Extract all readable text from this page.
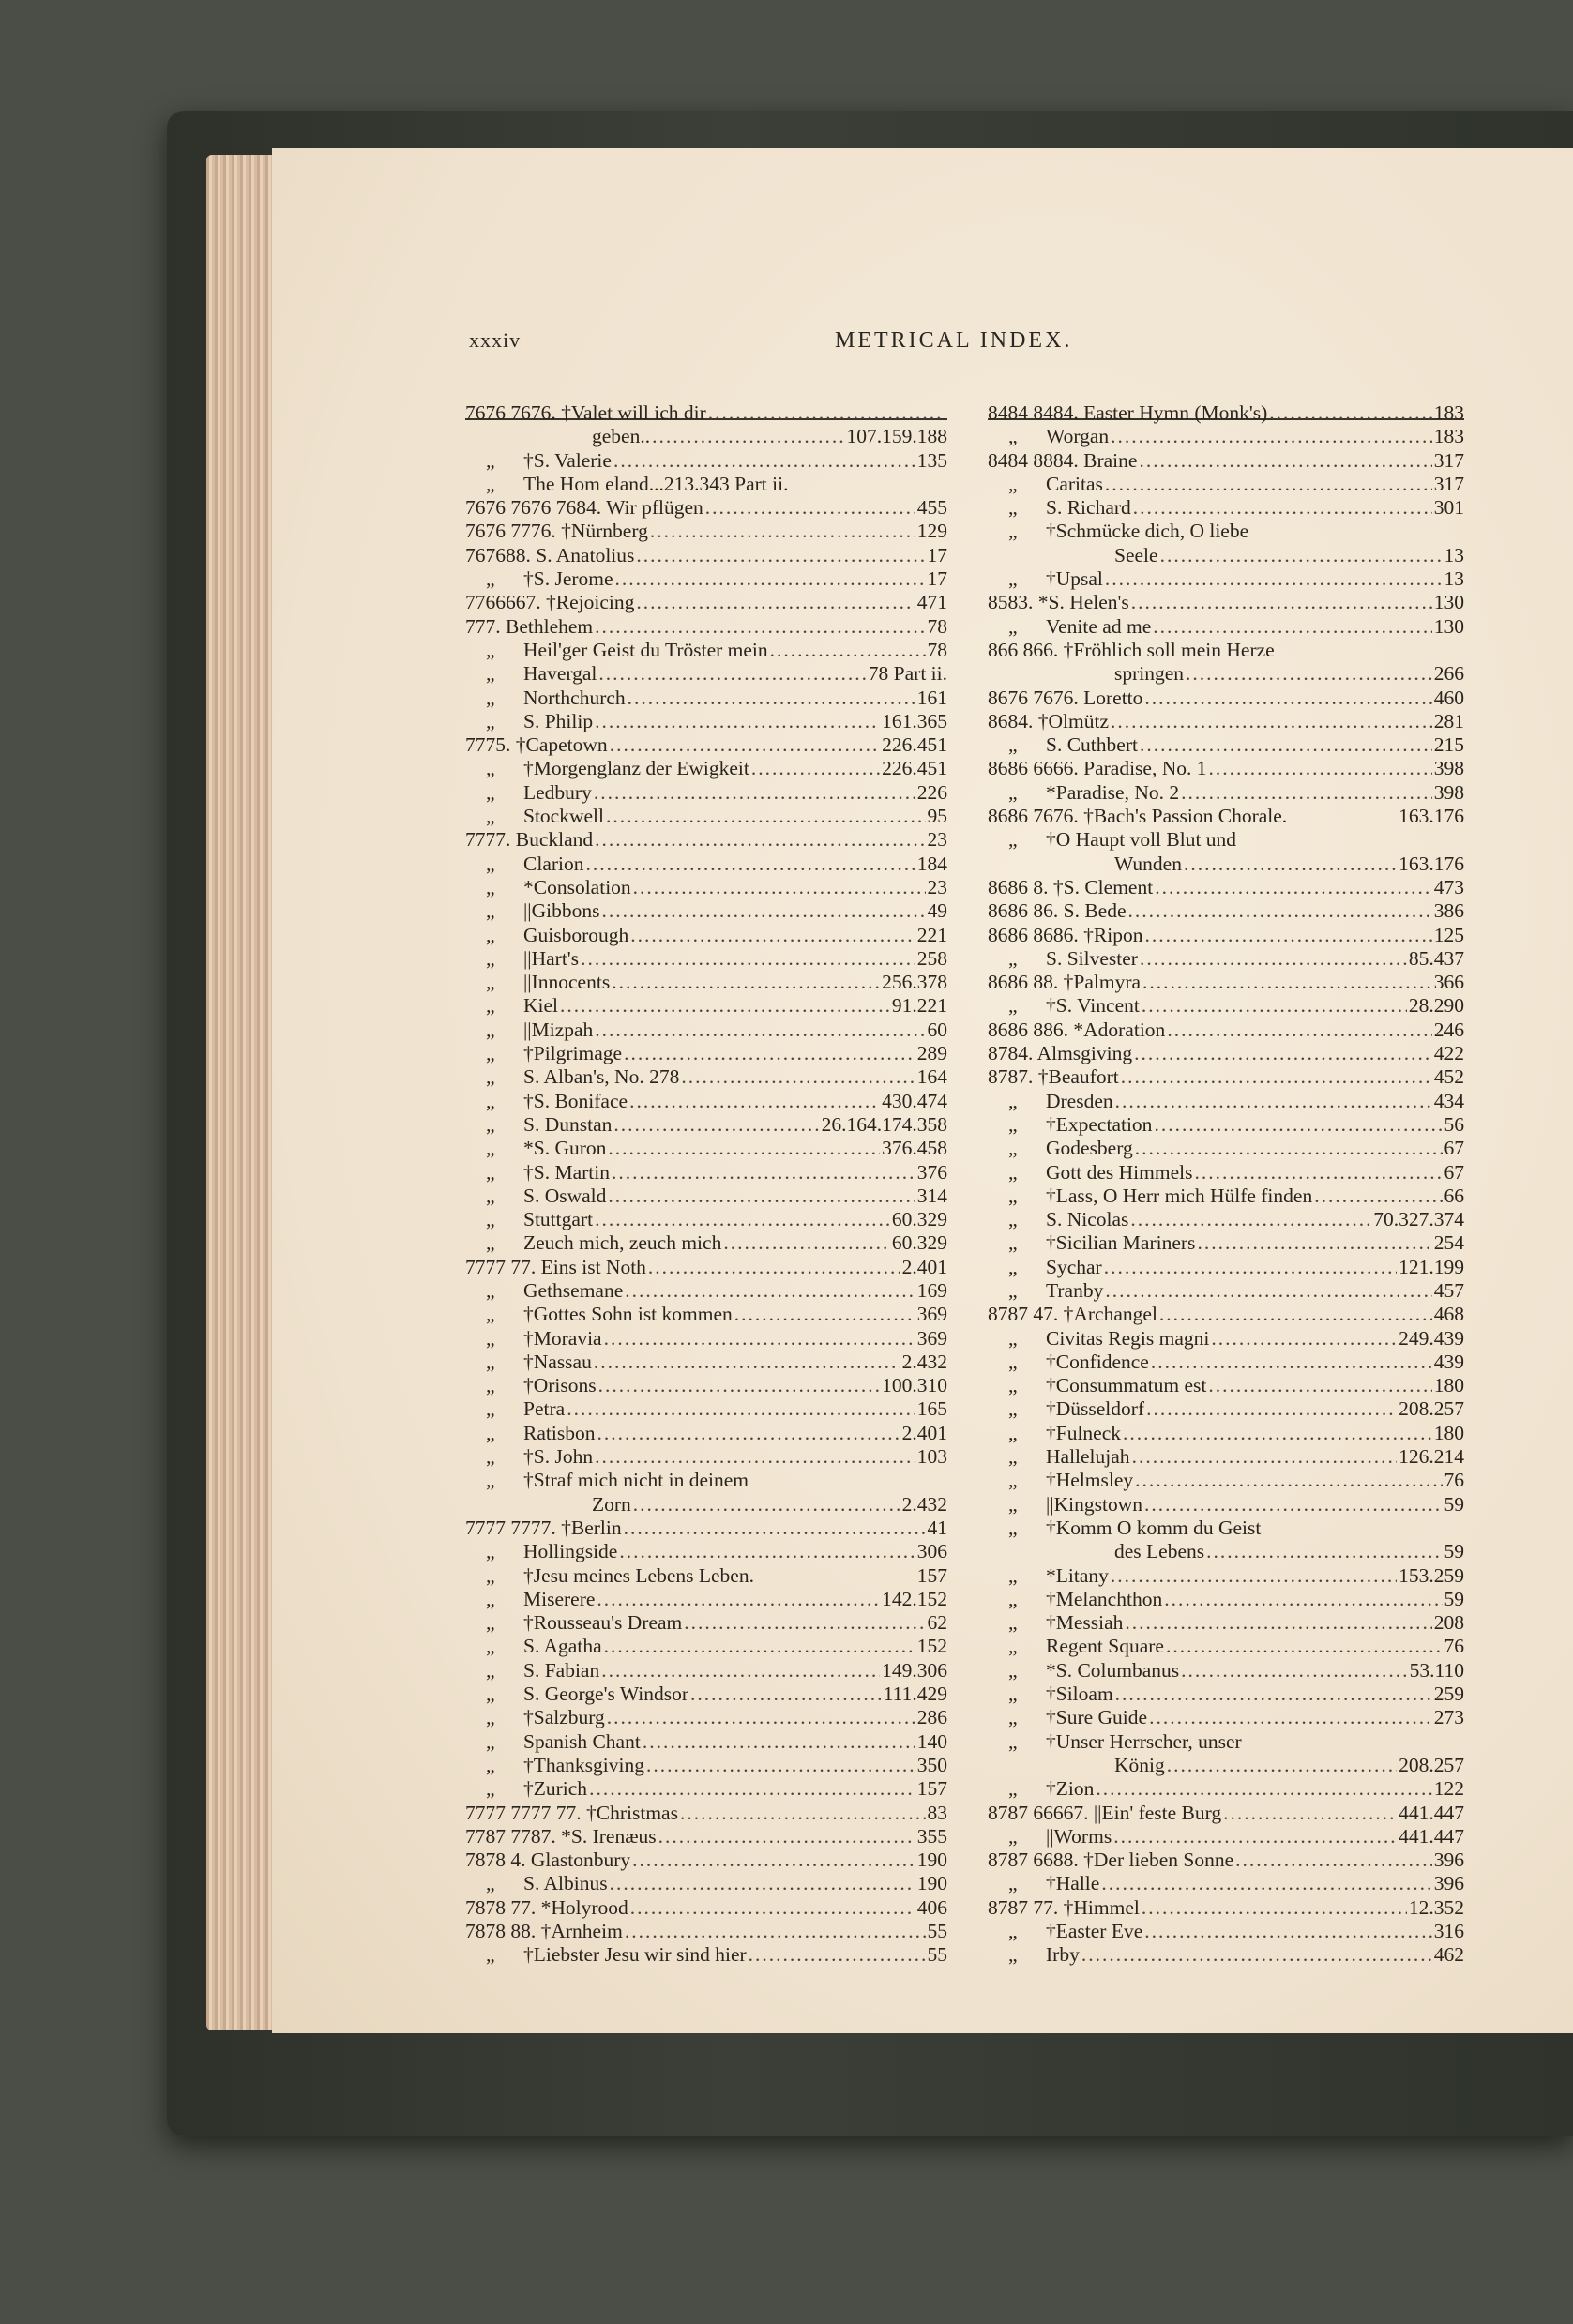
xxxiv	METRICAL INDEX.
7676 7676. †Valet will ich dir
.....
geben.. .....	107.159.188
„ †S. Valerie .....	135
„ The Hom eland...213.343 Part ii.
7676 7676 7684. Wir pflügen .....	455
7676 7776. †Nürnberg .....	129
767688. S. Anatolius .....	17
„ †S. Jerome .....	17
7766667. †Rejoicing .....	471
777. Bethlehem .....	78
„ Heil'ger Geist du Tröster mein .....	78
„ Havergal .....	78 Part ii.
„ Northchurch .....	161
„ S. Philip .....	161.365
7775. †Capetown .....	226.451
„ †Morgenglanz der Ewigkeit .....	226.451
„ Ledbury .....	226
„ Stockwell .....	95
7777. Buckland .....	23
„ Clarion .....	184
„ *Consolation .....	23
„ ||Gibbons .....	49
„ Guisborough .....	221
„ ||Hart's .....	258
„ ||Innocents .....	256.378
„ Kiel .....	91.221
„ ||Mizpah .....	60
„ †Pilgrimage .....	289
„ S. Alban's, No. 278 .....	164
„ †S. Boniface .....	430.474
„ S. Dunstan .....	26.164.174.358
„ *S. Guron .....	376.458
„ †S. Martin .....	376
„ S. Oswald .....	314
„ Stuttgart .....	60.329
„ Zeuch mich, zeuch mich .....	60.329
7777 77. Eins ist Noth .....	2.401
„ Gethsemane .....	169
„ †Gottes Sohn ist kommen .....	369
„ †Moravia .....	369
„ †Nassau .....	2.432
„ †Orisons .....	100.310
„ Petra .....	165
„ Ratisbon .....	2.401
„ †S. John .....	103
„ †Straf mich nicht in deinem
Zorn .....	2.432
7777 7777. †Berlin .....	41
„ Hollingside .....	306
„ †Jesu meines Lebens Leben.	157
„ Miserere .....	142.152
„ †Rousseau's Dream .....	62
„ S. Agatha .....	152
„ S. Fabian .....	149.306
„ S. George's Windsor .....	111.429
„ †Salzburg .....	286
„ Spanish Chant .....	140
„ †Thanksgiving .....	350
„ †Zurich .....	157
7777 7777 77. †Christmas .....	83
7787 7787. *S. Irenæus .....	355
7878 4. Glastonbury .....	190
„ S. Albinus .....	190
7878 77. *Holyrood .....	406
7878 88. †Arnheim .....	55
„ †Liebster Jesu wir sind hier .....	55
8484 8484. Easter Hymn (Monk's) .....	183
„ Worgan .....	183
8484 8884. Braine .....	317
„ Caritas .....	317
„ S. Richard .....	301
„ †Schmücke dich, O liebe
Seele .....	13
„ †Upsal .....	13
8583. *S. Helen's .....	130
„ Venite ad me .....	130
866 866. †Fröhlich soll mein Herze
springen .....	266
8676 7676. Loretto .....	460
8684. †Olmütz .....	281
„ S. Cuthbert .....	215
8686 6666. Paradise, No. 1 .....	398
„ *Paradise, No. 2 .....	398
8686 7676. †Bach's Passion Chorale.	163.176
„ †O Haupt voll Blut und
Wunden .....	163.176
8686 8. †S. Clement .....	473
8686 86. S. Bede .....	386
8686 8686. †Ripon .....	125
„ S. Silvester .....	85.437
8686 88. †Palmyra .....	366
„ †S. Vincent .....	28.290
8686 886. *Adoration .....	246
8784. Almsgiving .....	422
8787. †Beaufort .....	452
„ Dresden .....	434
„ †Expectation .....	56
„ Godesberg .....	67
„ Gott des Himmels .....	67
„ †Lass, O Herr mich Hülfe finden .....	66
„ S. Nicolas .....	70.327.374
„ †Sicilian Mariners .....	254
„ Sychar .....	121.199
„ Tranby .....	457
8787 47. †Archangel .....	468
„ Civitas Regis magni .....	249.439
„ †Confidence .....	439
„ †Consummatum est .....	180
„ †Düsseldorf .....	208.257
„ †Fulneck .....	180
„ Hallelujah .....	126.214
„ †Helmsley .....	76
„ ||Kingstown .....	59
„ †Komm O komm du Geist
des Lebens .....	59
„ *Litany .....	153.259
„ †Melanchthon .....	59
„ †Messiah .....	208
„ Regent Square .....	76
„ *S. Columbanus .....	53.110
„ †Siloam .....	259
„ †Sure Guide .....	273
„ †Unser Herrscher, unser
König .....	208.257
„ †Zion .....	122
8787 66667. ||Ein' feste Burg .....	441.447
„ ||Worms .....	441.447
8787 6688. †Der lieben Sonne .....	396
„ †Halle .....	396
8787 77. †Himmel .....	12.352
„ †Easter Eve .....	316
„ Irby .....	462
